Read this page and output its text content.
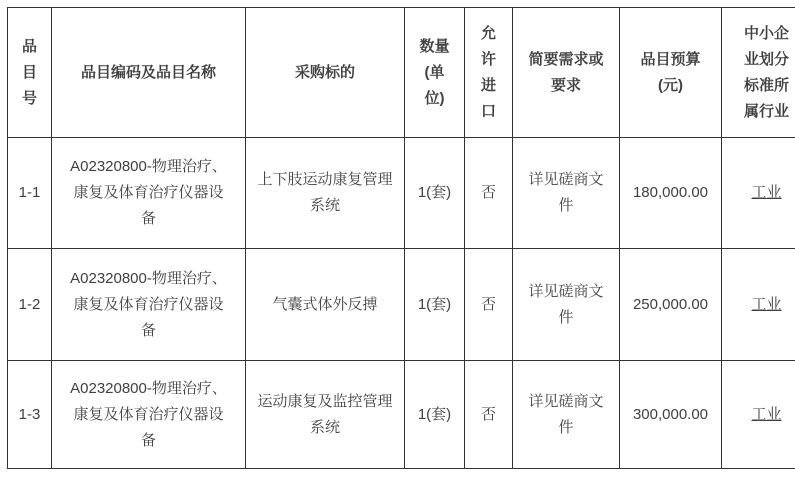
品目号	品目编码及品目名称	采购标的	数量(单位)	允许进口	简要需求或要求	品目预算(元)	中小企业划分标准所属行业

1-1	A02320800-物理治疗、康复及体育治疗仪器设备	上下肢运动康复管理系统	1(套)	否	详见磋商文件	180,000.00	工业
1-2	A02320800-物理治疗、康复及体育治疗仪器设备	气囊式体外反搏	1(套)	否	详见磋商文件	250,000.00	工业
1-3	A02320800-物理治疗、康复及体育治疗仪器设备	运动康复及监控管理系统	1(套)	否	详见磋商文件	300,000.00	工业
